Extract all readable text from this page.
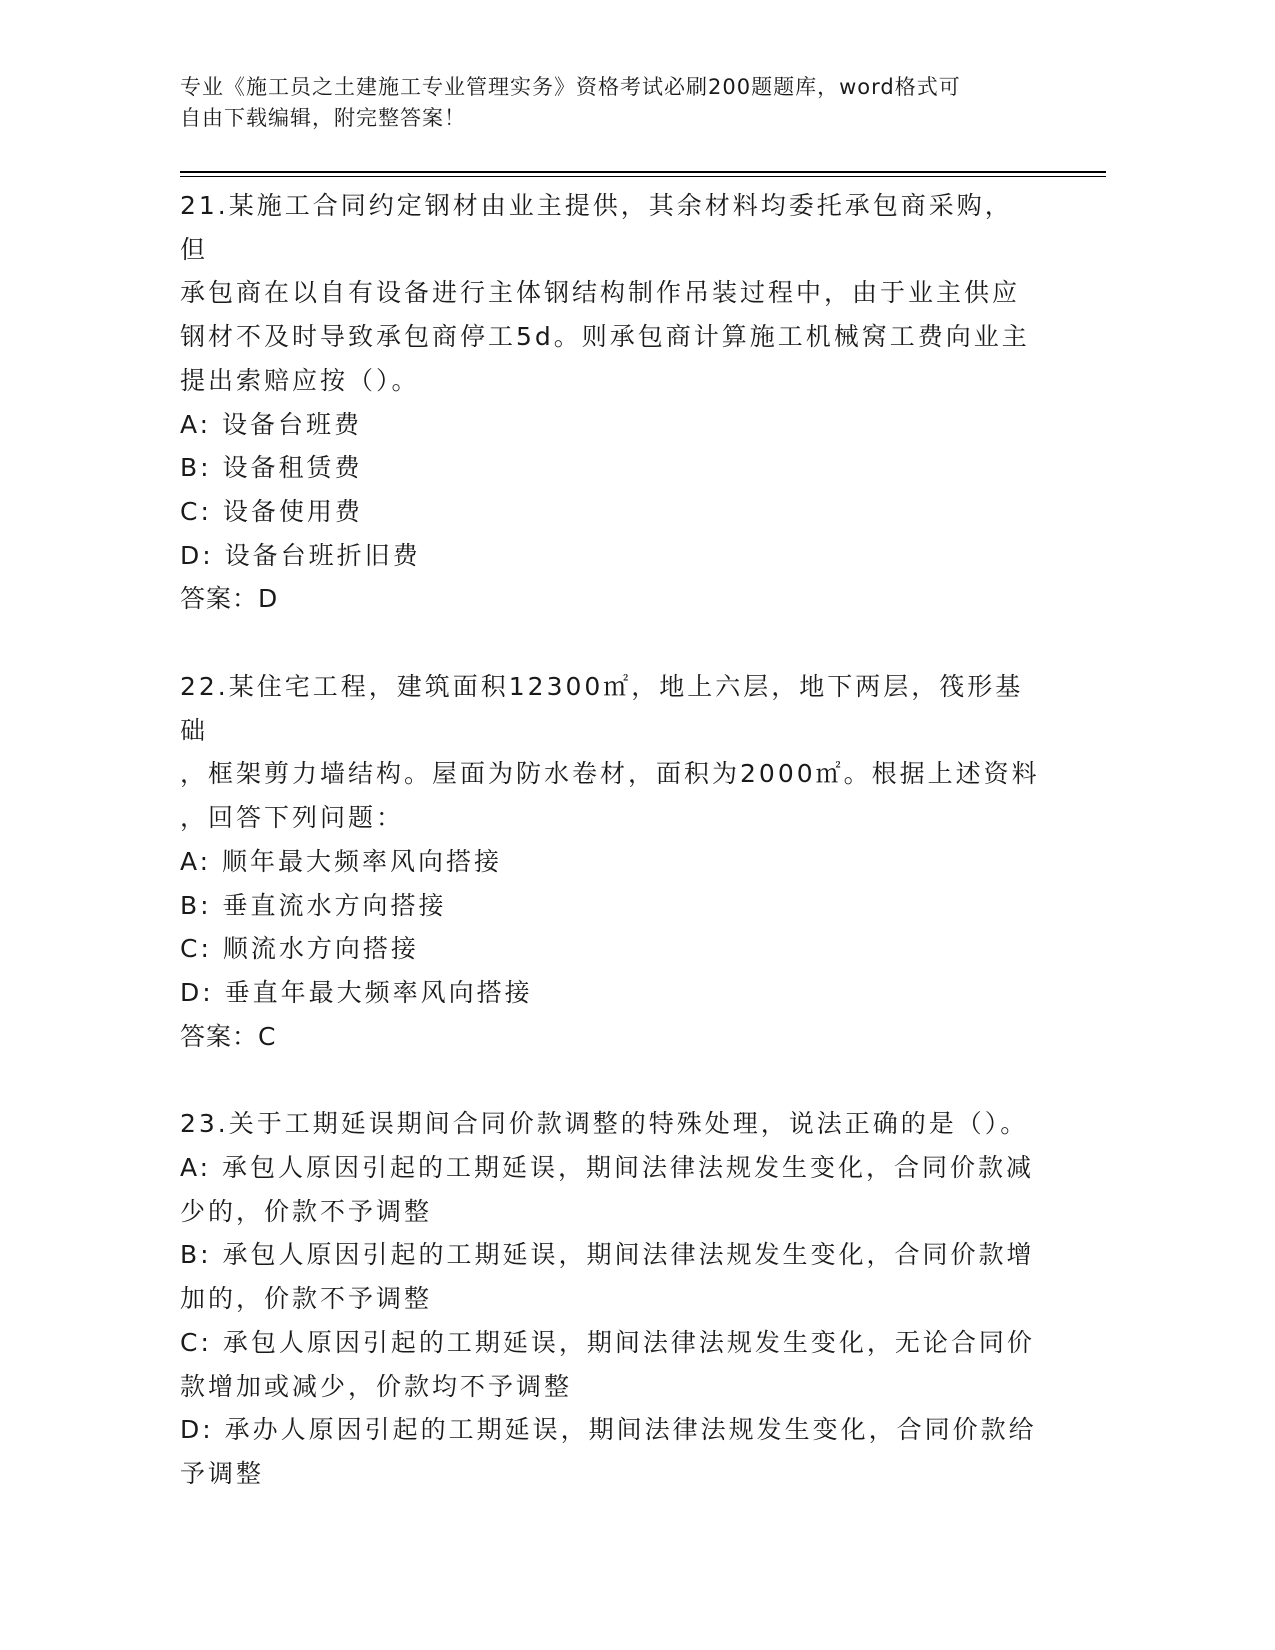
专业《施工员之土建施工专业管理实务》资格考试必刷200题题库，word格式可
自由下载编辑，附完整答案！
21.某施工合同约定钢材由业主提供，其余材料均委托承包商采购，但
承包商在以自有设备进行主体钢结构制作吊装过程中，由于业主供应
钢材不及时导致承包商停工5d。则承包商计算施工机械窝工费向业主
提出索赔应按（）。
A: 设备台班费
B: 设备租赁费
C: 设备使用费
D: 设备台班折旧费
答案：D
22.某住宅工程，建筑面积12300㎡，地上六层，地下两层，筏形基础
，框架剪力墙结构。屋面为防水卷材，面积为2000㎡。根据上述资料
，回答下列问题：
A: 顺年最大频率风向搭接
B: 垂直流水方向搭接
C: 顺流水方向搭接
D: 垂直年最大频率风向搭接
答案：C
23.关于工期延误期间合同价款调整的特殊处理，说法正确的是（）。
A: 承包人原因引起的工期延误，期间法律法规发生变化，合同价款减
少的，价款不予调整
B: 承包人原因引起的工期延误，期间法律法规发生变化，合同价款增
加的，价款不予调整
C: 承包人原因引起的工期延误，期间法律法规发生变化，无论合同价
款增加或减少，价款均不予调整
D: 承办人原因引起的工期延误，期间法律法规发生变化，合同价款给
予调整
